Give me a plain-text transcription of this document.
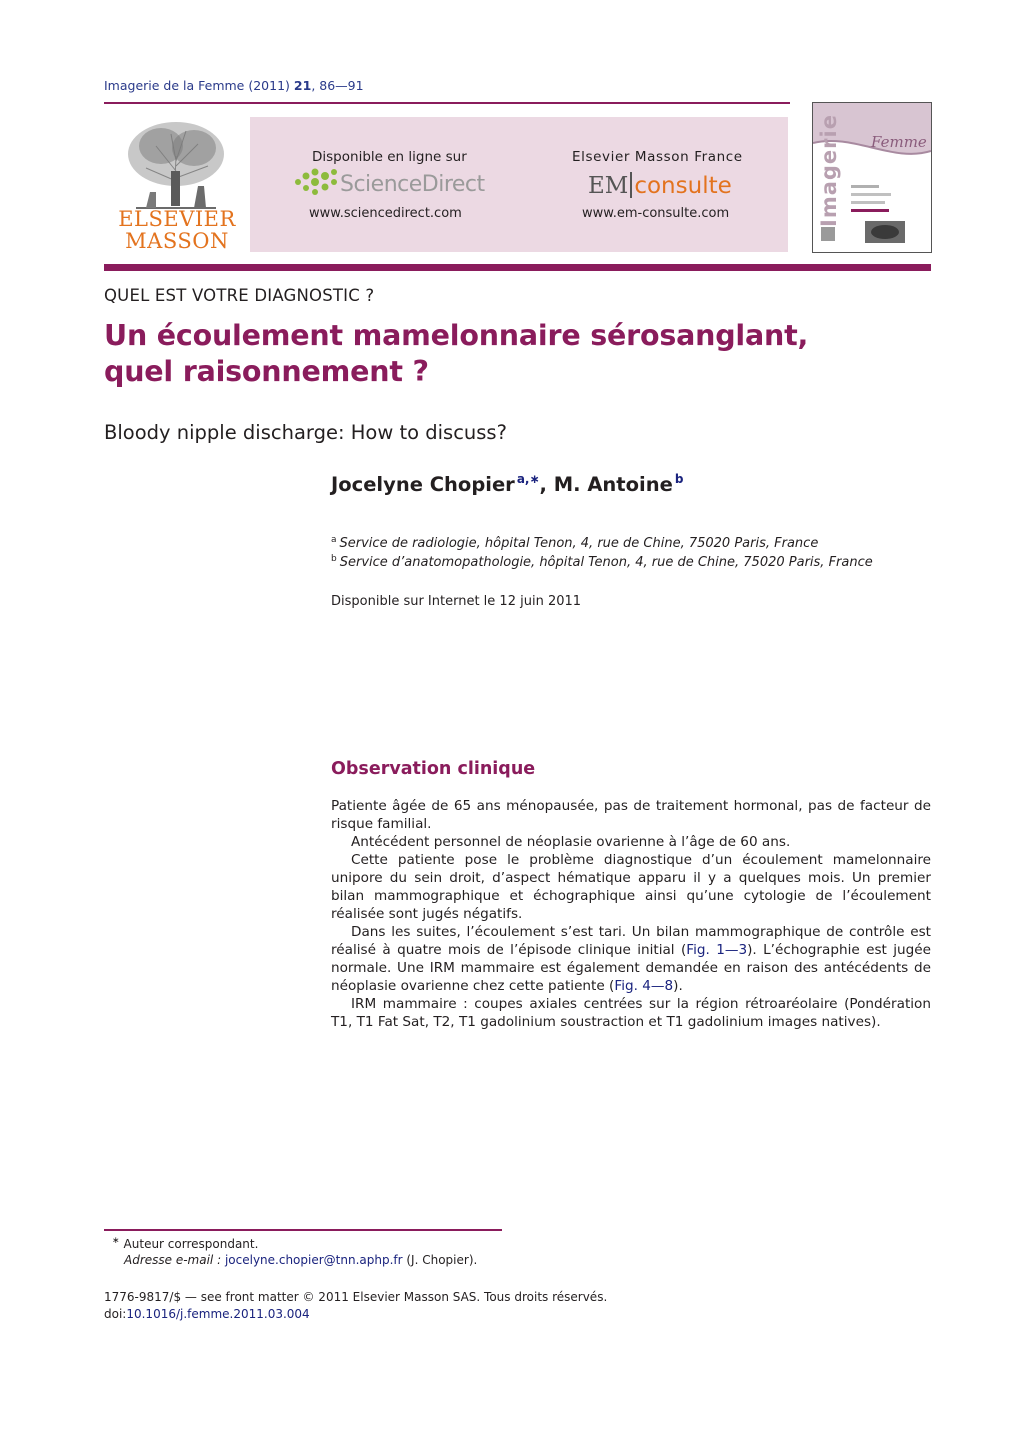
Imagerie de la Femme (2011) 21, 86—91
ELSEVIER
MASSON
Disponible en ligne sur
ScienceDirect
www.sciencedirect.com
Elsevier Masson France
EM consulte
www.em-consulte.com	Imagerie Femme
QUEL EST VOTRE DIAGNOSTIC ?
Un écoulement mamelonnaire sérosanglant,
quel raisonnement ?
Bloody nipple discharge: How to discuss?
Jocelyne Chopier $^{a,∗}$, M. Antoine $^b$
$^a$ Service de radiologie, hôpital Tenon, 4, rue de Chine, 75020 Paris, France
$^b$ Service d’anatomopathologie, hôpital Tenon, 4, rue de Chine, 75020 Paris, France
Disponible sur Internet le 12 juin 2011
Observation clinique

Patiente âgée de 65 ans ménopausée, pas de traitement hormonal, pas de facteur de risque familial.

Antécédent personnel de néoplasie ovarienne à l’âge de 60 ans.

Cette patiente pose le problème diagnostique d’un écoulement mamelonnaire unipore du sein droit, d’aspect hématique apparu il y a quelques mois. Un premier bilan mammographique et échographique ainsi qu’une cytologie de l’écoulement réalisée sont jugés négatifs.

Dans les suites, l’écoulement s’est tari. Un bilan mammographique de contrôle est réalisé à quatre mois de l’épisode clinique initial (Fig. 1—3). L’échographie est jugée normale. Une IRM mammaire est également demandée en raison des antécédents de néoplasie ovarienne chez cette patiente (Fig. 4—8).

IRM mammaire : coupes axiales centrées sur la région rétroaréolaire (Pondération T1, T1 Fat Sat, T2, T1 gadolinium soustraction et T1 gadolinium images natives).

∗ Auteur correspondant.
Adresse e-mail : jocelyne.chopier@tnn.aphp.fr (J. Chopier).
1776-9817/$ — see front matter © 2011 Elsevier Masson SAS. Tous droits réservés.
doi:10.1016/j.femme.2011.03.004
